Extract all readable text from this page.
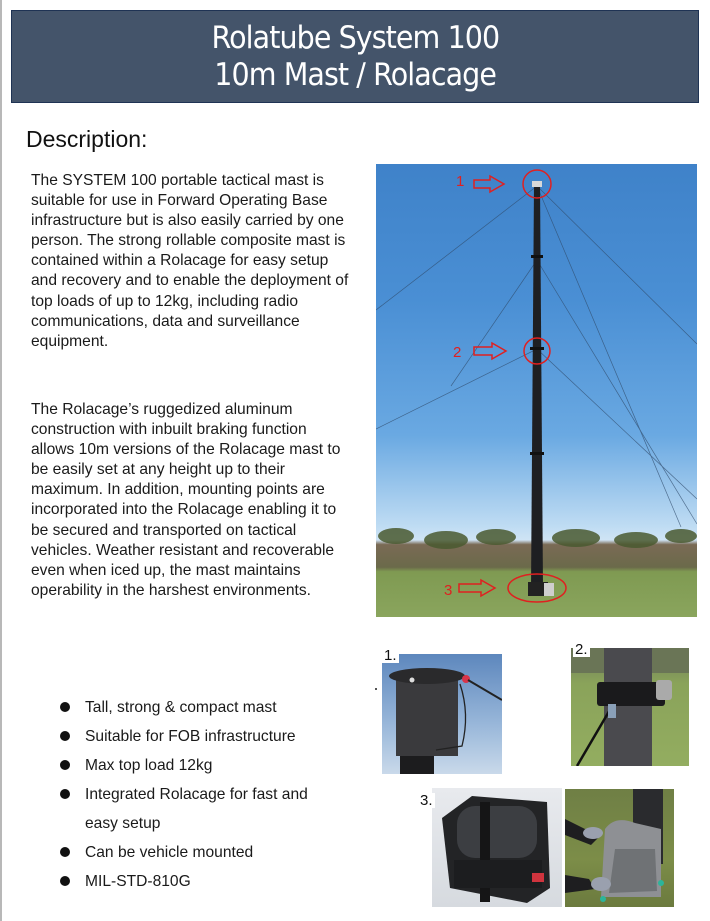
Rolatube System 100
10m Mast / Rolacage
Description:

The SYSTEM 100 portable tactical mast is suitable for use in Forward Operating Base infrastructure but is also easily carried by one person. The strong rollable composite mast is contained within a Rolacage for easy setup and recovery and to enable the deployment of top loads of up to 12kg, including radio communications, data and surveillance equipment.

The Rolacage’s ruggedized aluminum construction with inbuilt braking function allows 10m versions of the Rolacage mast to be easily set at any height up to their maximum. In addition, mounting points are incorporated into the Rolacage enabling it to be secured and transported on tactical vehicles. Weather resistant and recoverable even when iced up, the mast maintains operability in the harshest environments.

Tall, strong & compact mast
Suitable for FOB infrastructure
Max top load 12kg
Integrated Rolacage for fast and easy setup
Can be vehicle mounted
MIL-STD-810G
1
2
3
1.	2.
3.
